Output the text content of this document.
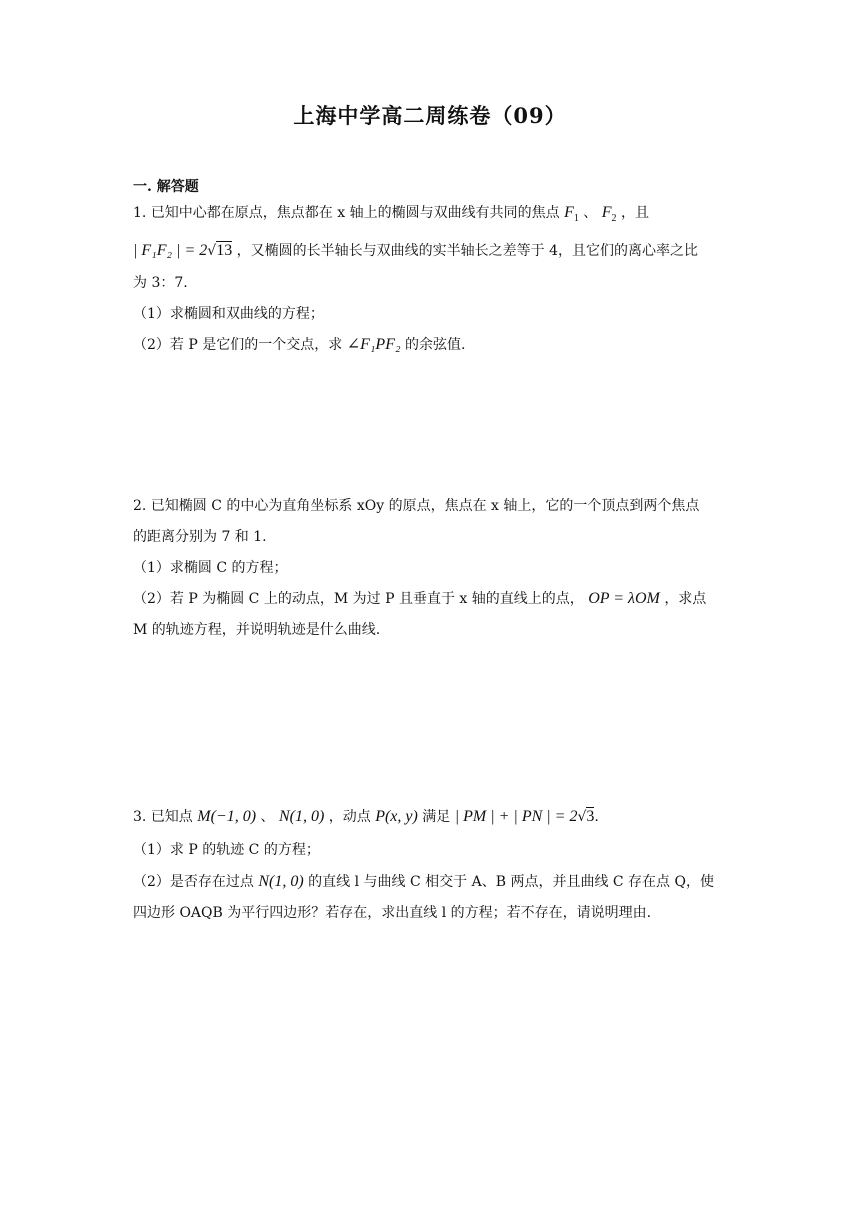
上海中学高二周练卷（09）
一. 解答题
1. 已知中心都在原点，焦点都在 x 轴上的椭圆与双曲线有共同的焦点 $F_1$ 、 $F_2$ ，且
| F₁F₂ | = 2√13 ，又椭圆的长半轴长与双曲线的实半轴长之差等于 4，且它们的离心率之比
为 3：7.
（1）求椭圆和双曲线的方程；
（2）若 P 是它们的一个交点，求 ∠F₁PF₂ 的余弦值.
2. 已知椭圆 C 的中心为直角坐标系 xOy 的原点，焦点在 x 轴上，它的一个顶点到两个焦点
的距离分别为 7 和 1.
（1）求椭圆 C 的方程；
（2）若 P 为椭圆 C 上的动点，M 为过 P 且垂直于 x 轴的直线上的点， OP = λOM ，求点
M 的轨迹方程，并说明轨迹是什么曲线.
3. 已知点 M(−1, 0) 、 N(1, 0) ，动点 P(x, y) 满足 | PM | + | PN | = 2√3.
（1）求 P 的轨迹 C 的方程；
（2）是否存在过点 N(1, 0) 的直线 l 与曲线 C 相交于 A、B 两点，并且曲线 C 存在点 Q，使
四边形 OAQB 为平行四边形？若存在，求出直线 l 的方程；若不存在，请说明理由.
